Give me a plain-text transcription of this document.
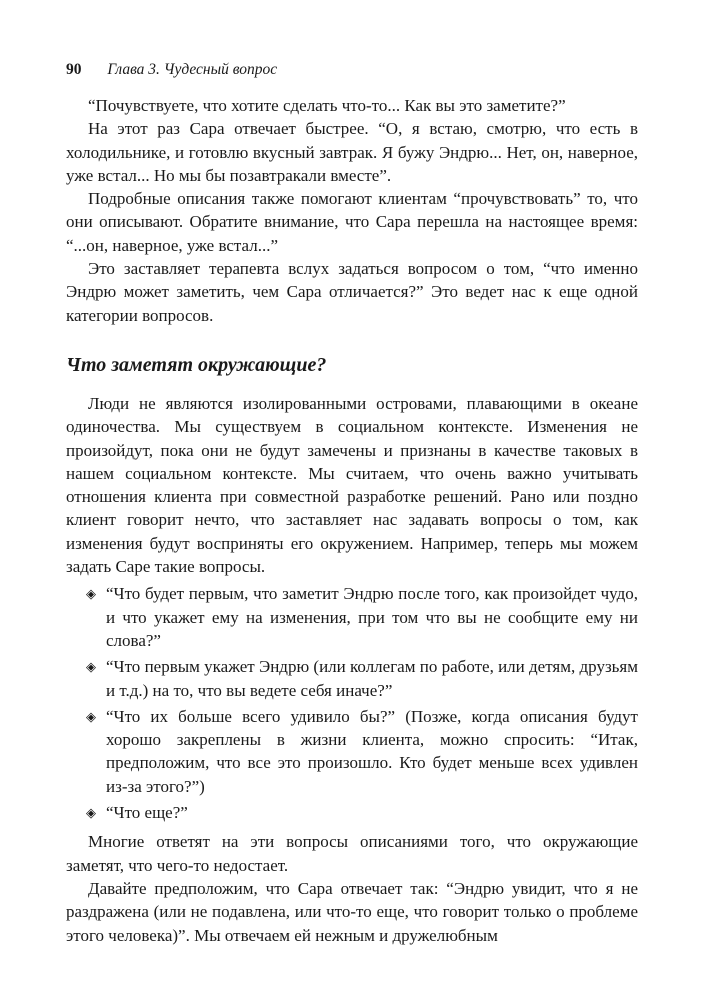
90 Глава 3. Чудесный вопрос

“Почувствуете, что хотите сделать что-то... Как вы это заметите?”

На этот раз Сара отвечает быстрее. “О, я встаю, смотрю, что есть в холодильнике, и готовлю вкусный завтрак. Я бужу Эндрю... Нет, он, наверное, уже встал... Но мы бы позавтракали вместе”.

Подробные описания также помогают клиентам “прочувствовать” то, что они описывают. Обратите внимание, что Сара перешла на настоящее время: “...он, наверное, уже встал...”

Это заставляет терапевта вслух задаться вопросом о том, “что именно Эндрю может заметить, чем Сара отличается?” Это ведет нас к еще одной категории вопросов.

Что заметят окружающие?

Люди не являются изолированными островами, плавающими в океане одиночества. Мы существуем в социальном контексте. Изменения не произойдут, пока они не будут замечены и признаны в качестве таковых в нашем социальном контексте. Мы считаем, что очень важно учитывать отношения клиента при совместной разработке решений. Рано или поздно клиент говорит нечто, что заставляет нас задавать вопросы о том, как изменения будут восприняты его окружением. Например, теперь мы можем задать Саре такие вопросы.

◈ “Что будет первым, что заметит Эндрю после того, как произойдет чудо, и что укажет ему на изменения, при том что вы не сообщите ему ни слова?”
◈ “Что первым укажет Эндрю (или коллегам по работе, или детям, друзьям и т.д.) на то, что вы ведете себя иначе?”
◈ “Что их больше всего удивило бы?” (Позже, когда описания будут хорошо закреплены в жизни клиента, можно спросить: “Итак, предположим, что все это произошло. Кто будет меньше всех удивлен из-за этого?”)
◈ “Что еще?”

Многие ответят на эти вопросы описаниями того, что окружающие заметят, что чего-то недостает.

Давайте предположим, что Сара отвечает так: “Эндрю увидит, что я не раздражена (или не подавлена, или что-то еще, что говорит только о проблеме этого человека)”. Мы отвечаем ей нежным и дружелюбным
